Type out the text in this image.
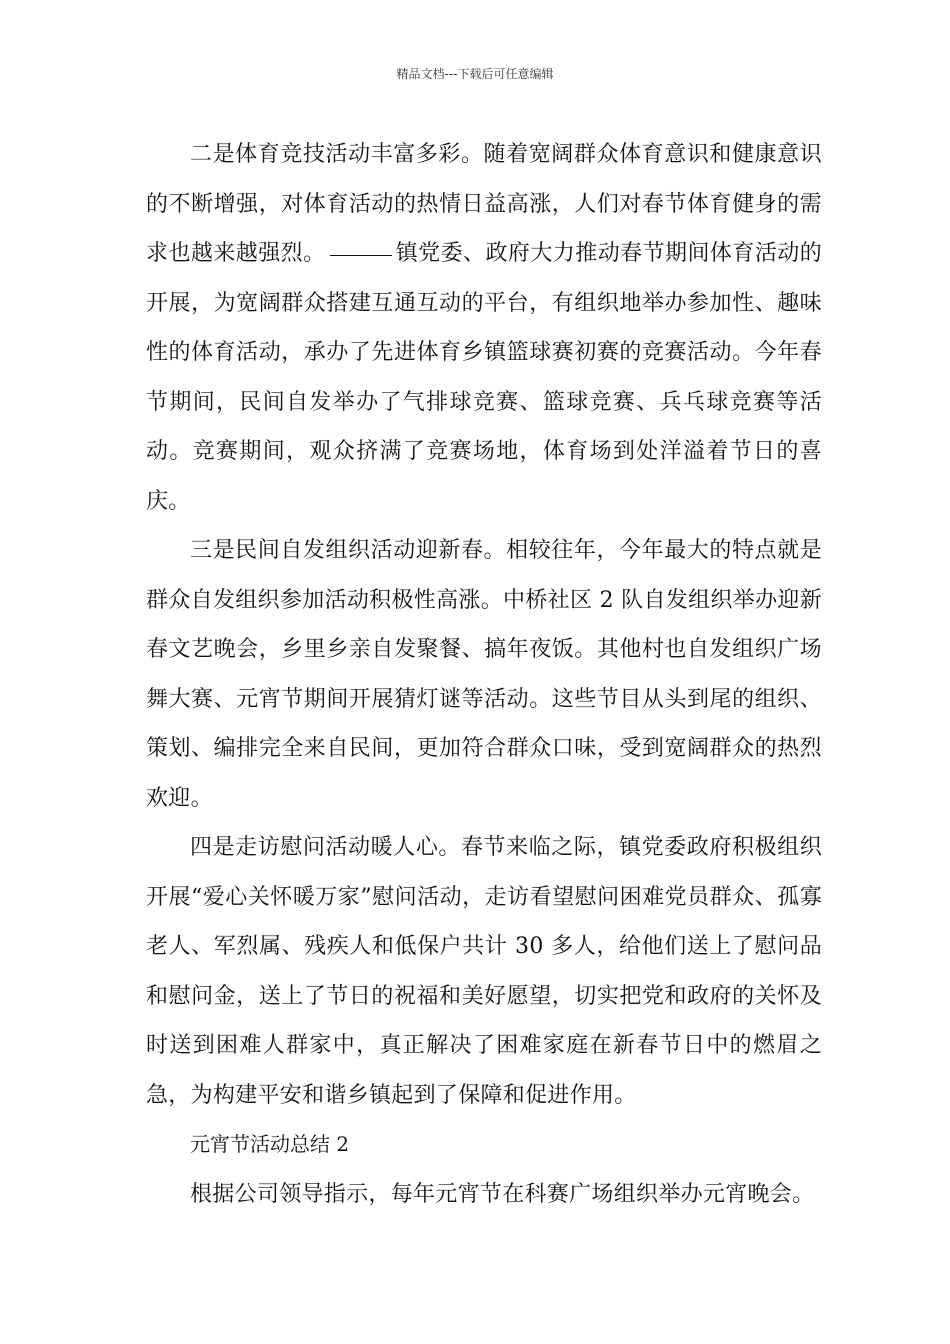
精品文档---下载后可任意编辑

二是体育竞技活动丰富多彩。随着宽阔群众体育意识和健康意识的不断增强，对体育活动的热情日益高涨，人们对春节体育健身的需求也越来越强烈。	镇党委、政府大力推动春节期间体育活动的开展，为宽阔群众搭建互通互动的平台，有组织地举办参加性、趣味性的体育活动，承办了先进体育乡镇篮球赛初赛的竞赛活动。今年春节期间，民间自发举办了气排球竞赛、篮球竞赛、兵乓球竞赛等活动。竞赛期间，观众挤满了竞赛场地，体育场到处洋溢着节日的喜庆。

三是民间自发组织活动迎新春。相较往年，今年最大的特点就是群众自发组织参加活动积极性高涨。中桥社区 2 队自发组织举办迎新春文艺晚会，乡里乡亲自发聚餐、搞年夜饭。其他村也自发组织广场舞大赛、元宵节期间开展猜灯谜等活动。这些节目从头到尾的组织、策划、编排完全来自民间，更加符合群众口味，受到宽阔群众的热烈欢迎。

四是走访慰问活动暖人心。春节来临之际，镇党委政府积极组织开展“爱心关怀暖万家”慰问活动，走访看望慰问困难党员群众、孤寡老人、军烈属、残疾人和低保户共计 30 多人，给他们送上了慰问品和慰问金，送上了节日的祝福和美好愿望，切实把党和政府的关怀及时送到困难人群家中，真正解决了困难家庭在新春节日中的燃眉之急，为构建平安和谐乡镇起到了保障和促进作用。

元宵节活动总结 2

根据公司领导指示，每年元宵节在科赛广场组织举办元宵晚会。
